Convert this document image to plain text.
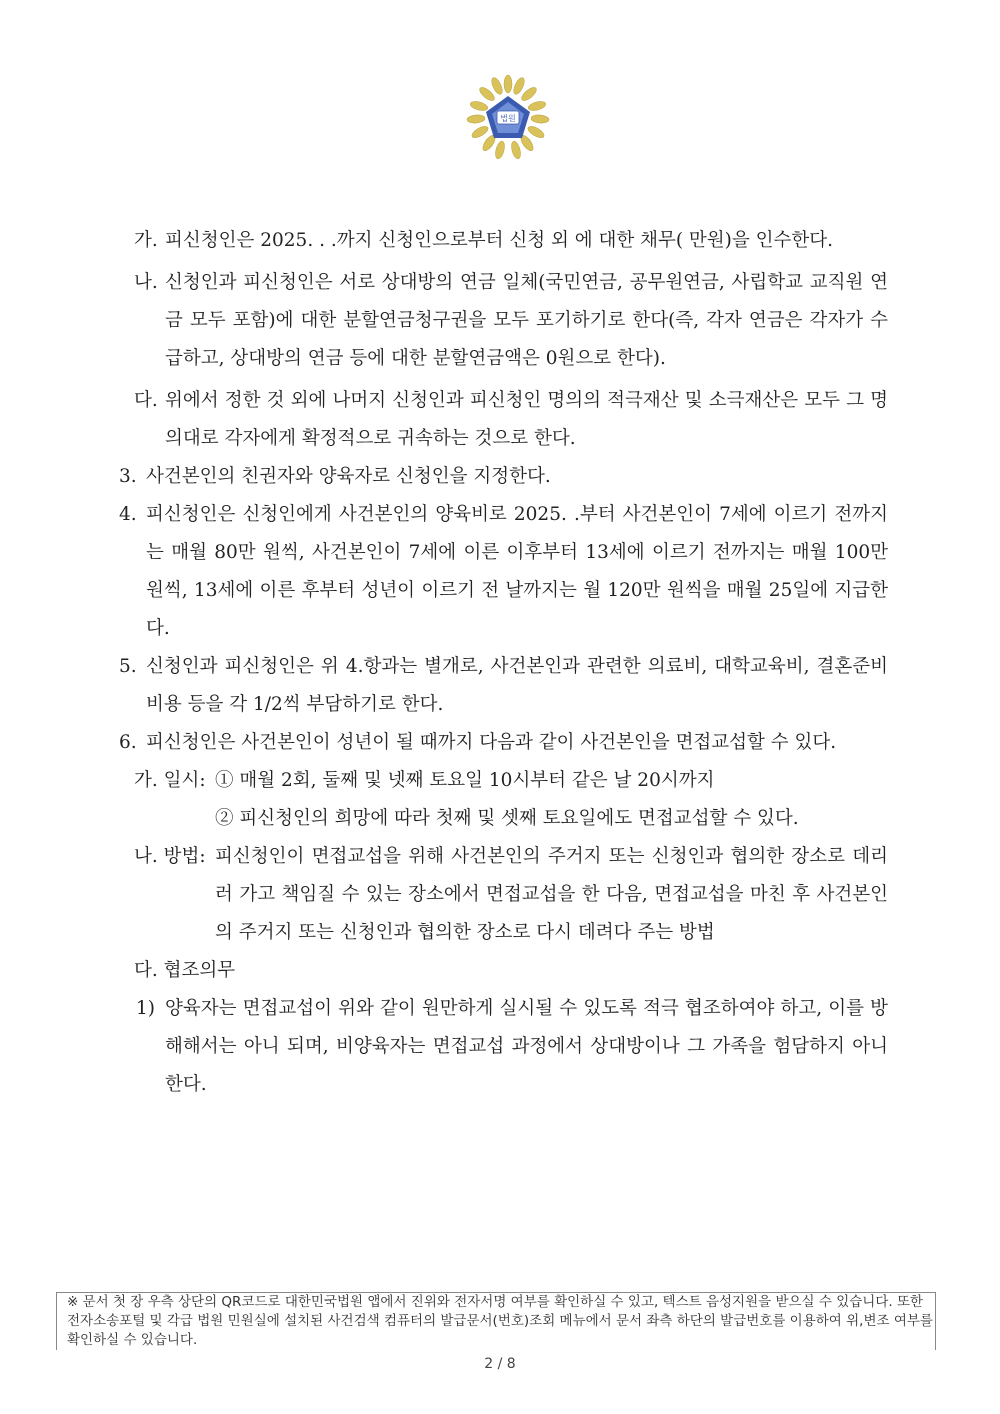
법원
가. 피신청인은 2025. . .까지 신청인으로부터 신청 외 에 대한 채무( 만원)을 인수한다.
나. 신청인과 피신청인은 서로 상대방의 연금 일체(국민연금, 공무원연금, 사립학교 교직원 연금 모두 포함)에 대한 분할연금청구권을 모두 포기하기로 한다(즉, 각자 연금은 각자가 수급하고, 상대방의 연금 등에 대한 분할연금액은 0원으로 한다).
다. 위에서 정한 것 외에 나머지 신청인과 피신청인 명의의 적극재산 및 소극재산은 모두 그 명의대로 각자에게 확정적으로 귀속하는 것으로 한다.
3. 사건본인의 친권자와 양육자로 신청인을 지정한다.
4. 피신청인은 신청인에게 사건본인의 양육비로 2025. .부터 사건본인이 7세에 이르기 전까지는 매월 80만 원씩, 사건본인이 7세에 이른 이후부터 13세에 이르기 전까지는 매월 100만 원씩, 13세에 이른 후부터 성년이 이르기 전 날까지는 월 120만 원씩을 매월 25일에 지급한다.
5. 신청인과 피신청인은 위 4.항과는 별개로, 사건본인과 관련한 의료비, 대학교육비, 결혼준비비용 등을 각 1/2씩 부담하기로 한다.
6. 피신청인은 사건본인이 성년이 될 때까지 다음과 같이 사건본인을 면접교섭할 수 있다.
가. 일시: ① 매월 2회, 둘째 및 넷째 토요일 10시부터 같은 날 20시까지
② 피신청인의 희망에 따라 첫째 및 셋째 토요일에도 면접교섭할 수 있다.
나. 방법: 피신청인이 면접교섭을 위해 사건본인의 주거지 또는 신청인과 협의한 장소로 데리러 가고 책임질 수 있는 장소에서 면접교섭을 한 다음, 면접교섭을 마친 후 사건본인의 주거지 또는 신청인과 협의한 장소로 다시 데려다 주는 방법
다. 협조의무
1) 양육자는 면접교섭이 위와 같이 원만하게 실시될 수 있도록 적극 협조하여야 하고, 이를 방해해서는 아니 되며, 비양육자는 면접교섭 과정에서 상대방이나 그 가족을 험담하지 아니한다.
※ 문서 첫 장 우측 상단의 QR코드로 대한민국법원 앱에서 진위와 전자서명 여부를 확인하실 수 있고, 텍스트 음성지원을 받으실 수 있습니다. 또한 전자소송포털 및 각급 법원 민원실에 설치된 사건검색 컴퓨터의 발급문서(번호)조회 메뉴에서 문서 좌측 하단의 발급번호를 이용하여 위,변조 여부를 확인하실 수 있습니다.
2 / 8
